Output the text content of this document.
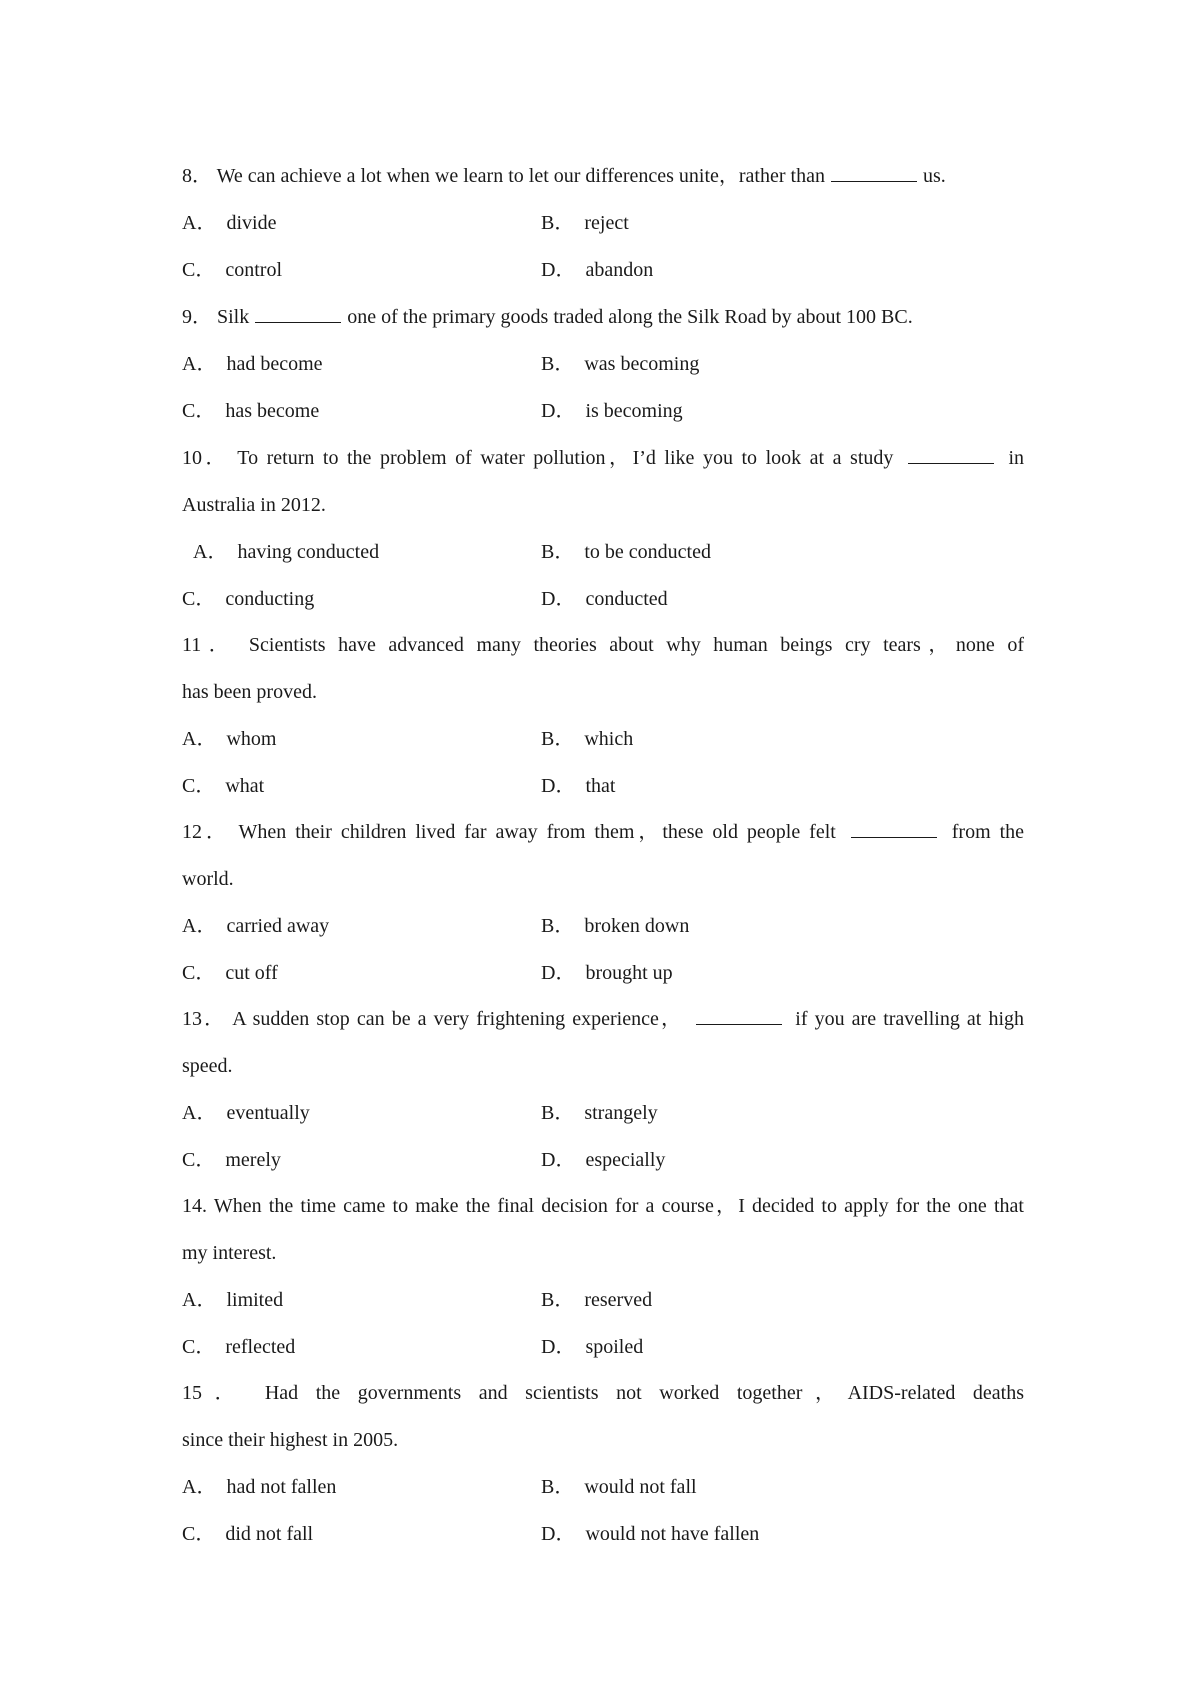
8． We can achieve a lot when we learn to let our differences unite，rather than	us.
A． divide	B． reject
C． control	D． abandon
9． Silk	one of the primary goods traded along the Silk Road by about 100 BC.
A． had become	B． was becoming
C． has become	D． is becoming
10． To return to the problem of water pollution，I’d like you to look at a study	in
Australia in 2012.
A． having conducted	B． to be conducted
C． conducting	D． conducted
11． Scientists have advanced many theories about why human beings cry tears，none of
has been proved.
A． whom	B． which
C． what	D． that
12． When their children lived far away from them，these old people felt	from the
world.
A． carried away	B． broken down
C． cut off	D． brought up
13． A sudden stop can be a very frightening experience，	if you are travelling at high
speed.
A． eventually	B． strangely
C． merely	D． especially
14. When the time came to make the final decision for a course，I decided to apply for the one that
my interest.
A． limited	B． reserved
C． reflected	D． spoiled
15． Had the governments and scientists not worked together，AIDS-related deaths
since their highest in 2005.
A． had not fallen	B． would not fall
C． did not fall	D． would not have fallen
